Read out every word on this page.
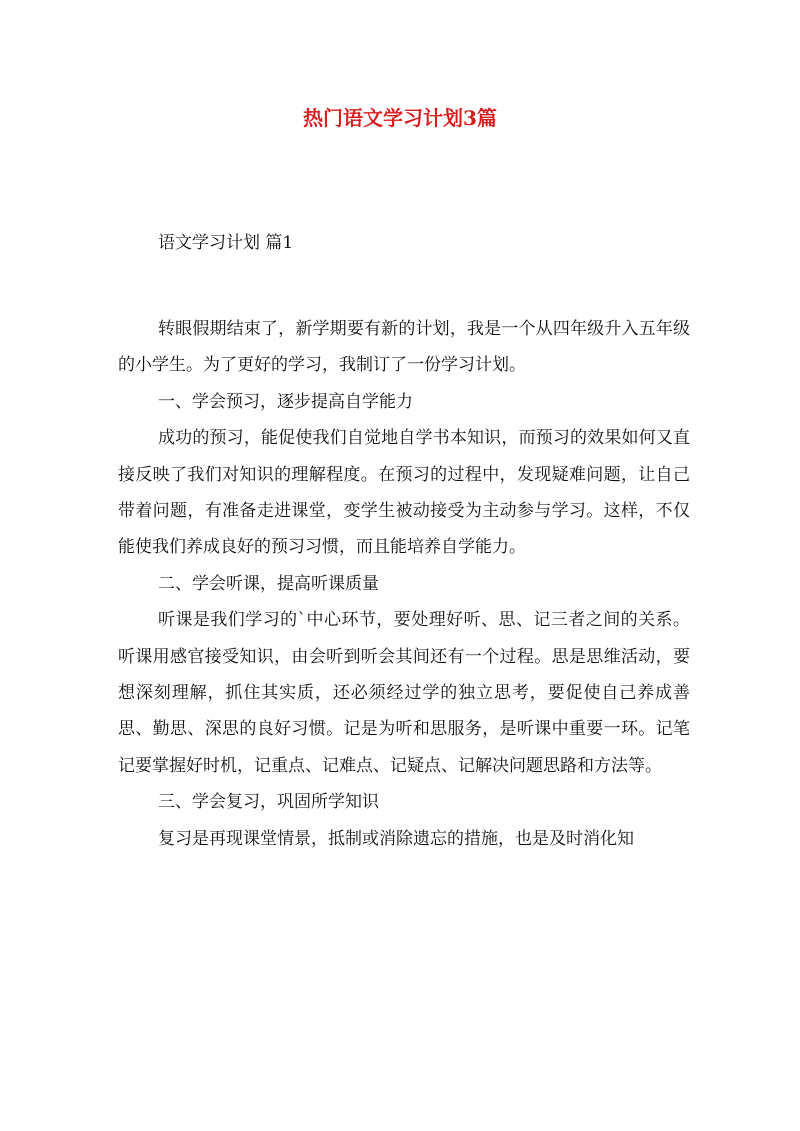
热门语文学习计划3篇

语文学习计划 篇1

转眼假期结束了，新学期要有新的计划，我是一个从四年级升入五年级的小学生。为了更好的学习，我制订了一份学习计划。

一、学会预习，逐步提高自学能力

成功的预习，能促使我们自觉地自学书本知识，而预习的效果如何又直接反映了我们对知识的理解程度。在预习的过程中，发现疑难问题，让自己带着问题，有准备走进课堂，变学生被动接受为主动参与学习。这样，不仅能使我们养成良好的预习习惯，而且能培养自学能力。

二、学会听课，提高听课质量

听课是我们学习的`中心环节，要处理好听、思、记三者之间的关系。听课用感官接受知识，由会听到听会其间还有一个过程。思是思维活动，要想深刻理解，抓住其实质，还必须经过学的独立思考，要促使自己养成善思、勤思、深思的良好习惯。记是为听和思服务，是听课中重要一环。记笔记要掌握好时机，记重点、记难点、记疑点、记解决问题思路和方法等。

三、学会复习，巩固所学知识

复习是再现课堂情景，抵制或消除遗忘的措施，也是及时消化知
